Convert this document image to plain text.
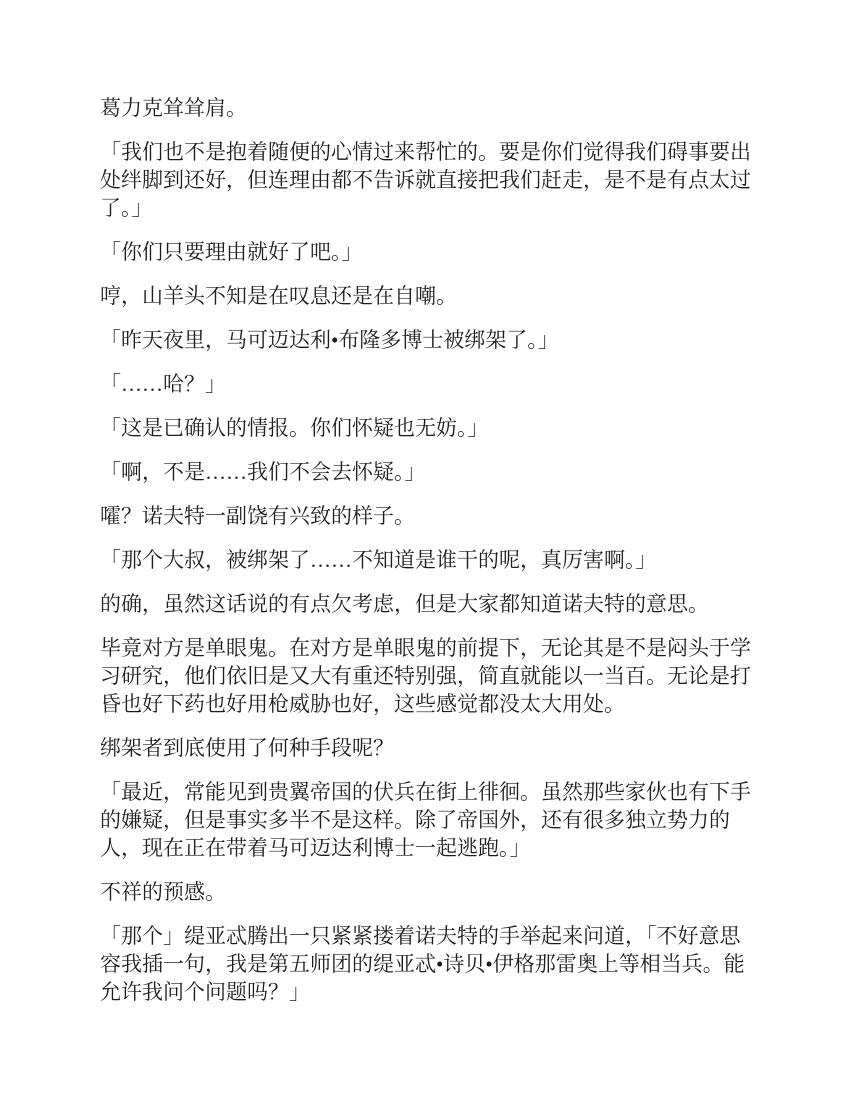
葛力克耸耸肩。

「我们也不是抱着随便的心情过来帮忙的。要是你们觉得我们碍事要出
处绊脚到还好，但连理由都不告诉就直接把我们赶走，是不是有点太过
了。」

「你们只要理由就好了吧。」

哼，山羊头不知是在叹息还是在自嘲。

「昨天夜里，马可迈达利•布隆多博士被绑架了。」

「……哈？」

「这是已确认的情报。你们怀疑也无妨。」

「啊，不是……我们不会去怀疑。」

嚯？诺夫特一副饶有兴致的样子。

「那个大叔，被绑架了……不知道是谁干的呢，真厉害啊。」

的确，虽然这话说的有点欠考虑，但是大家都知道诺夫特的意思。

毕竟对方是单眼鬼。在对方是单眼鬼的前提下，无论其是不是闷头于学
习研究，他们依旧是又大有重还特别强，简直就能以一当百。无论是打
昏也好下药也好用枪威胁也好，这些感觉都没太大用处。

绑架者到底使用了何种手段呢？

「最近，常能见到贵翼帝国的伏兵在街上徘徊。虽然那些家伙也有下手
的嫌疑，但是事实多半不是这样。除了帝国外，还有很多独立势力的
人，现在正在带着马可迈达利博士一起逃跑。」

不祥的预感。

「那个」缇亚忒腾出一只紧紧搂着诺夫特的手举起来问道，「不好意思
容我插一句，我是第五师团的缇亚忒•诗贝•伊格那雷奥上等相当兵。能
允许我问个问题吗？」
